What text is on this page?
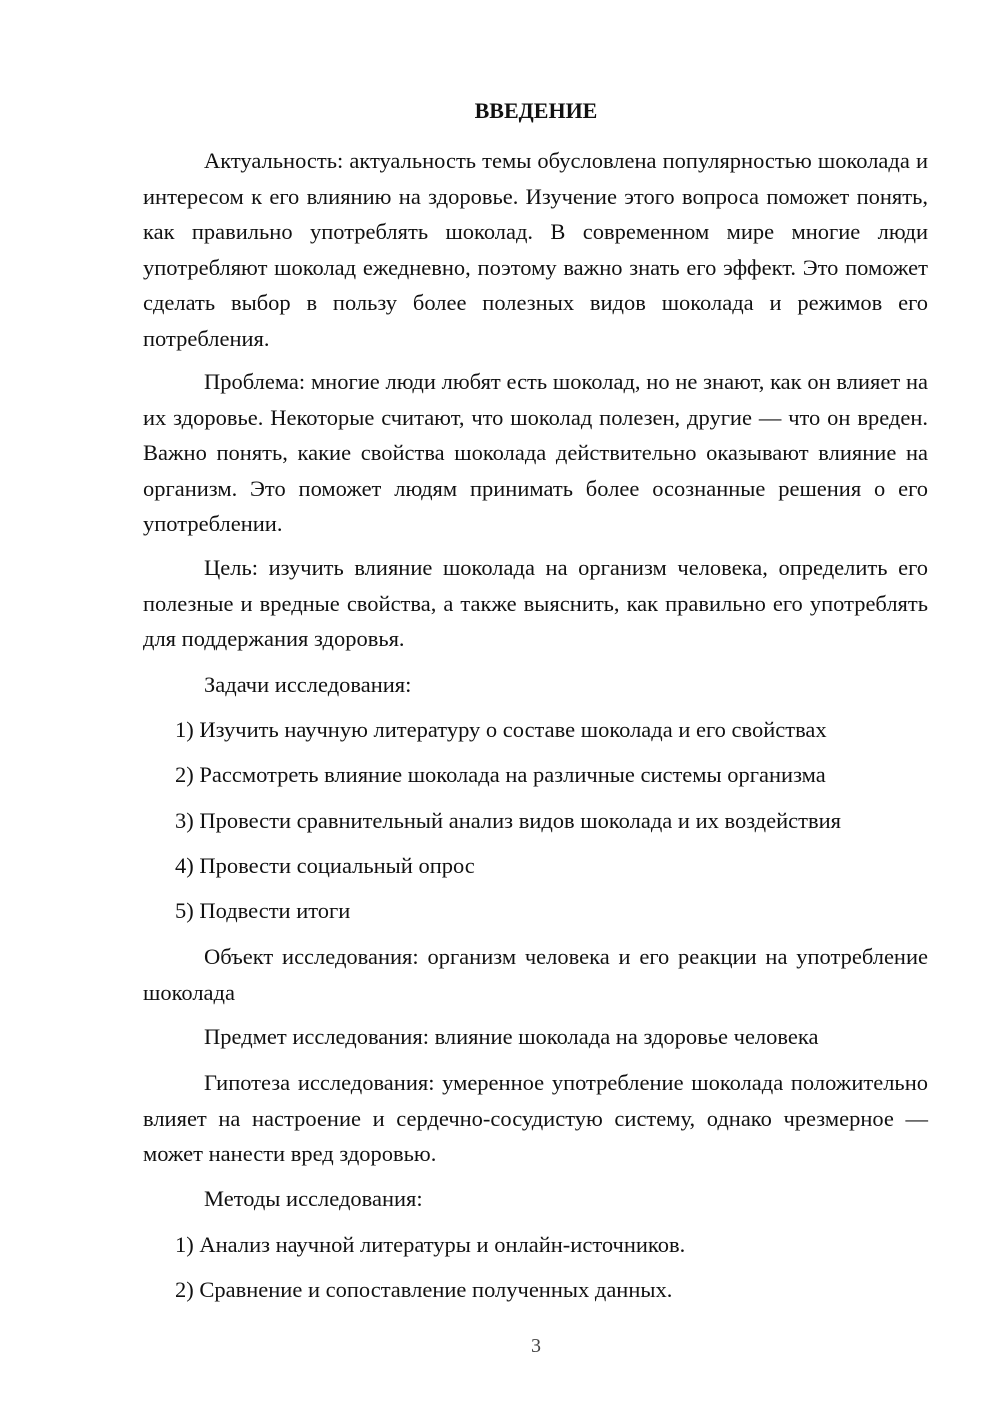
ВВЕДЕНИЕ

Актуальность: актуальность темы обусловлена популярностью шоколада и интересом к его влиянию на здоровье. Изучение этого вопроса поможет понять, как правильно употреблять шоколад. В современном мире многие люди употребляют шоколад ежедневно, поэтому важно знать его эффект. Это поможет сделать выбор в пользу более полезных видов шоколада и режимов его потребления.

Проблема: многие люди любят есть шоколад, но не знают, как он влияет на их здоровье. Некоторые считают, что шоколад полезен, другие — что он вреден. Важно понять, какие свойства шоколада действительно оказывают влияние на организм. Это поможет людям принимать более осознанные решения о его употреблении.

Цель: изучить влияние шоколада на организм человека, определить его полезные и вредные свойства, а также выяснить, как правильно его употреблять для поддержания здоровья.

Задачи исследования:

1) Изучить научную литературу о составе шоколада и его свойствах

2) Рассмотреть влияние шоколада на различные системы организма

3) Провести сравнительный анализ видов шоколада и их воздействия

4) Провести социальный опрос

5) Подвести итоги

Объект исследования: организм человека и его реакции на употребление шоколада

Предмет исследования: влияние шоколада на здоровье человека

Гипотеза исследования: умеренное употребление шоколада положительно влияет на настроение и сердечно-сосудистую систему, однако чрезмерное — может нанести вред здоровью.

Методы исследования:

1) Анализ научной литературы и онлайн-источников.

2) Сравнение и сопоставление полученных данных.

3
